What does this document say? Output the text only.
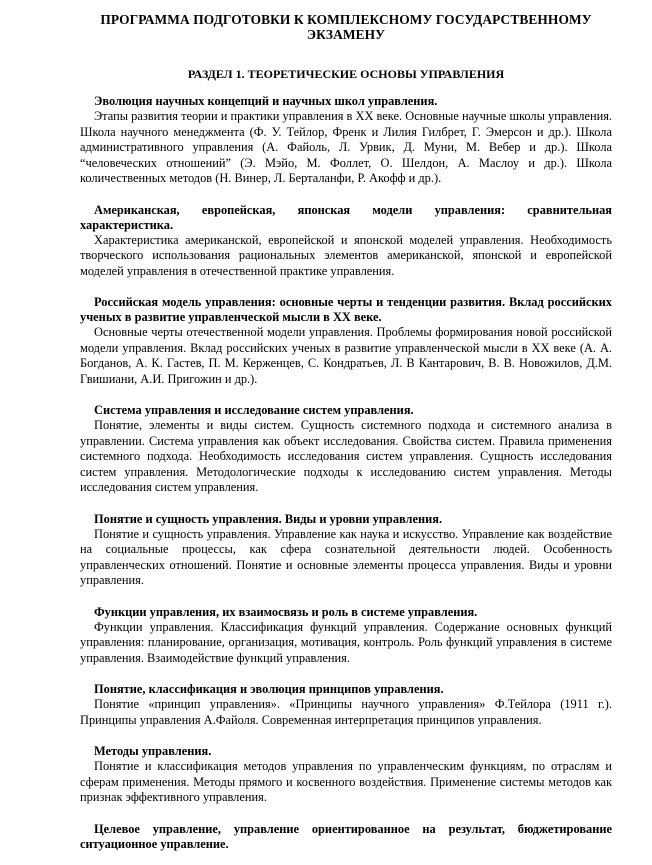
ПРОГРАММА ПОДГОТОВКИ К КОМПЛЕКСНОМУ ГОСУДАРСТВЕННОМУ ЭКЗАМЕНУ
РАЗДЕЛ 1. ТЕОРЕТИЧЕСКИЕ ОСНОВЫ УПРАВЛЕНИЯ

Эволюция научных концепций и научных школ управления.

Этапы развития теории и практики управления в XX веке. Основные научные школы управления. Школа научного менеджмента (Ф. У. Тейлор, Френк и Лилия Гилбрет, Г. Эмерсон и др.). Школа административного управления (А. Файоль, Л. Урвик, Д. Муни, М. Вебер и др.). Школа “человеческих отношений” (Э. Мэйо, М. Фоллет, О. Шелдон, А. Маслоу и др.). Школа количественных методов (Н. Винер, Л. Берталанфи, Р. Акофф и др.).

Американская, европейская, японская модели управления: сравнительная характеристика.

Характеристика американской, европейской и японской моделей управления. Необходимость творческого использования рациональных элементов американской, японской и европейской моделей управления в отечественной практике управления.

Российская модель управления: основные черты и тенденции развития. Вклад российских ученых в развитие управленческой мысли в ХХ веке.

Основные черты отечественной модели управления. Проблемы формирования новой российской модели управления. Вклад российских ученых в развитие управленческой мысли в ХХ веке (А. А. Богданов, А. К. Гастев, П. М. Керженцев, С. Кондратьев, Л. В Кантарович, В. В. Новожилов, Д.М. Гвишиани, А.И. Пригожин и др.).

Система управления и исследование систем управления.

Понятие, элементы и виды систем. Сущность системного подхода и системного анализа в управлении. Система управления как объект исследования. Свойства систем. Правила применения системного подхода. Необходимость исследования систем управления. Сущность исследования систем управления. Методологические подходы к исследованию систем управления. Методы исследования систем управления.

Понятие и сущность управления. Виды и уровни управления.

Понятие и сущность управления. Управление как наука и искусство. Управление как воздействие на социальные процессы, как сфера сознательной деятельности людей. Особенность управленческих отношений. Понятие и основные элементы процесса управления. Виды и уровни управления.

Функции управления, их взаимосвязь и роль в системе управления.

Функции управления. Классификация функций управления. Содержание основных функций управления: планирование, организация, мотивация, контроль. Роль функций управления в системе управления. Взаимодействие функций управления.

Понятие, классификация и эволюция принципов управления.

Понятие «принцип управления». «Принципы научного управления» Ф.Тейлора (1911 г.). Принципы управления А.Файоля. Современная интерпретация принципов управления.

Методы управления.

Понятие и классификация методов управления по управленческим функциям, по отраслям и сферам применения. Методы прямого и косвенного воздействия. Применение системы методов как признак эффективного управления.

Целевое управление, управление ориентированное на результат, бюджетирование ситуационное управление.
